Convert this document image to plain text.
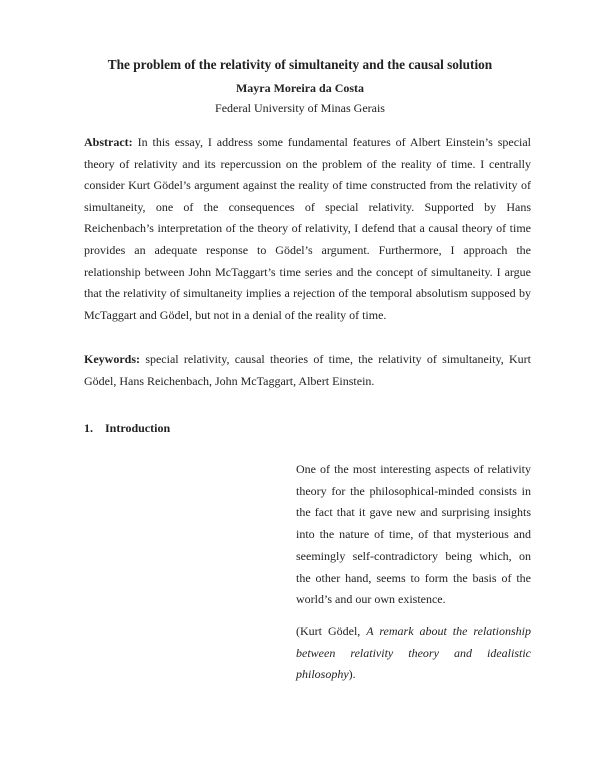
The problem of the relativity of simultaneity and the causal solution
Mayra Moreira da Costa
Federal University of Minas Gerais

Abstract: In this essay, I address some fundamental features of Albert Einstein’s special theory of relativity and its repercussion on the problem of the reality of time. I centrally consider Kurt Gödel’s argument against the reality of time constructed from the relativity of simultaneity, one of the consequences of special relativity. Supported by Hans Reichenbach’s interpretation of the theory of relativity, I defend that a causal theory of time provides an adequate response to Gödel’s argument. Furthermore, I approach the relationship between John McTaggart’s time series and the concept of simultaneity. I argue that the relativity of simultaneity implies a rejection of the temporal absolutism supposed by McTaggart and Gödel, but not in a denial of the reality of time.

Keywords: special relativity, causal theories of time, the relativity of simultaneity, Kurt Gödel, Hans Reichenbach, John McTaggart, Albert Einstein.

1. Introduction

One of the most interesting aspects of relativity theory for the philosophical-minded consists in the fact that it gave new and surprising insights into the nature of time, of that mysterious and seemingly self-contradictory being which, on the other hand, seems to form the basis of the world’s and our own existence.

(Kurt Gödel, A remark about the relationship between relativity theory and idealistic philosophy).
